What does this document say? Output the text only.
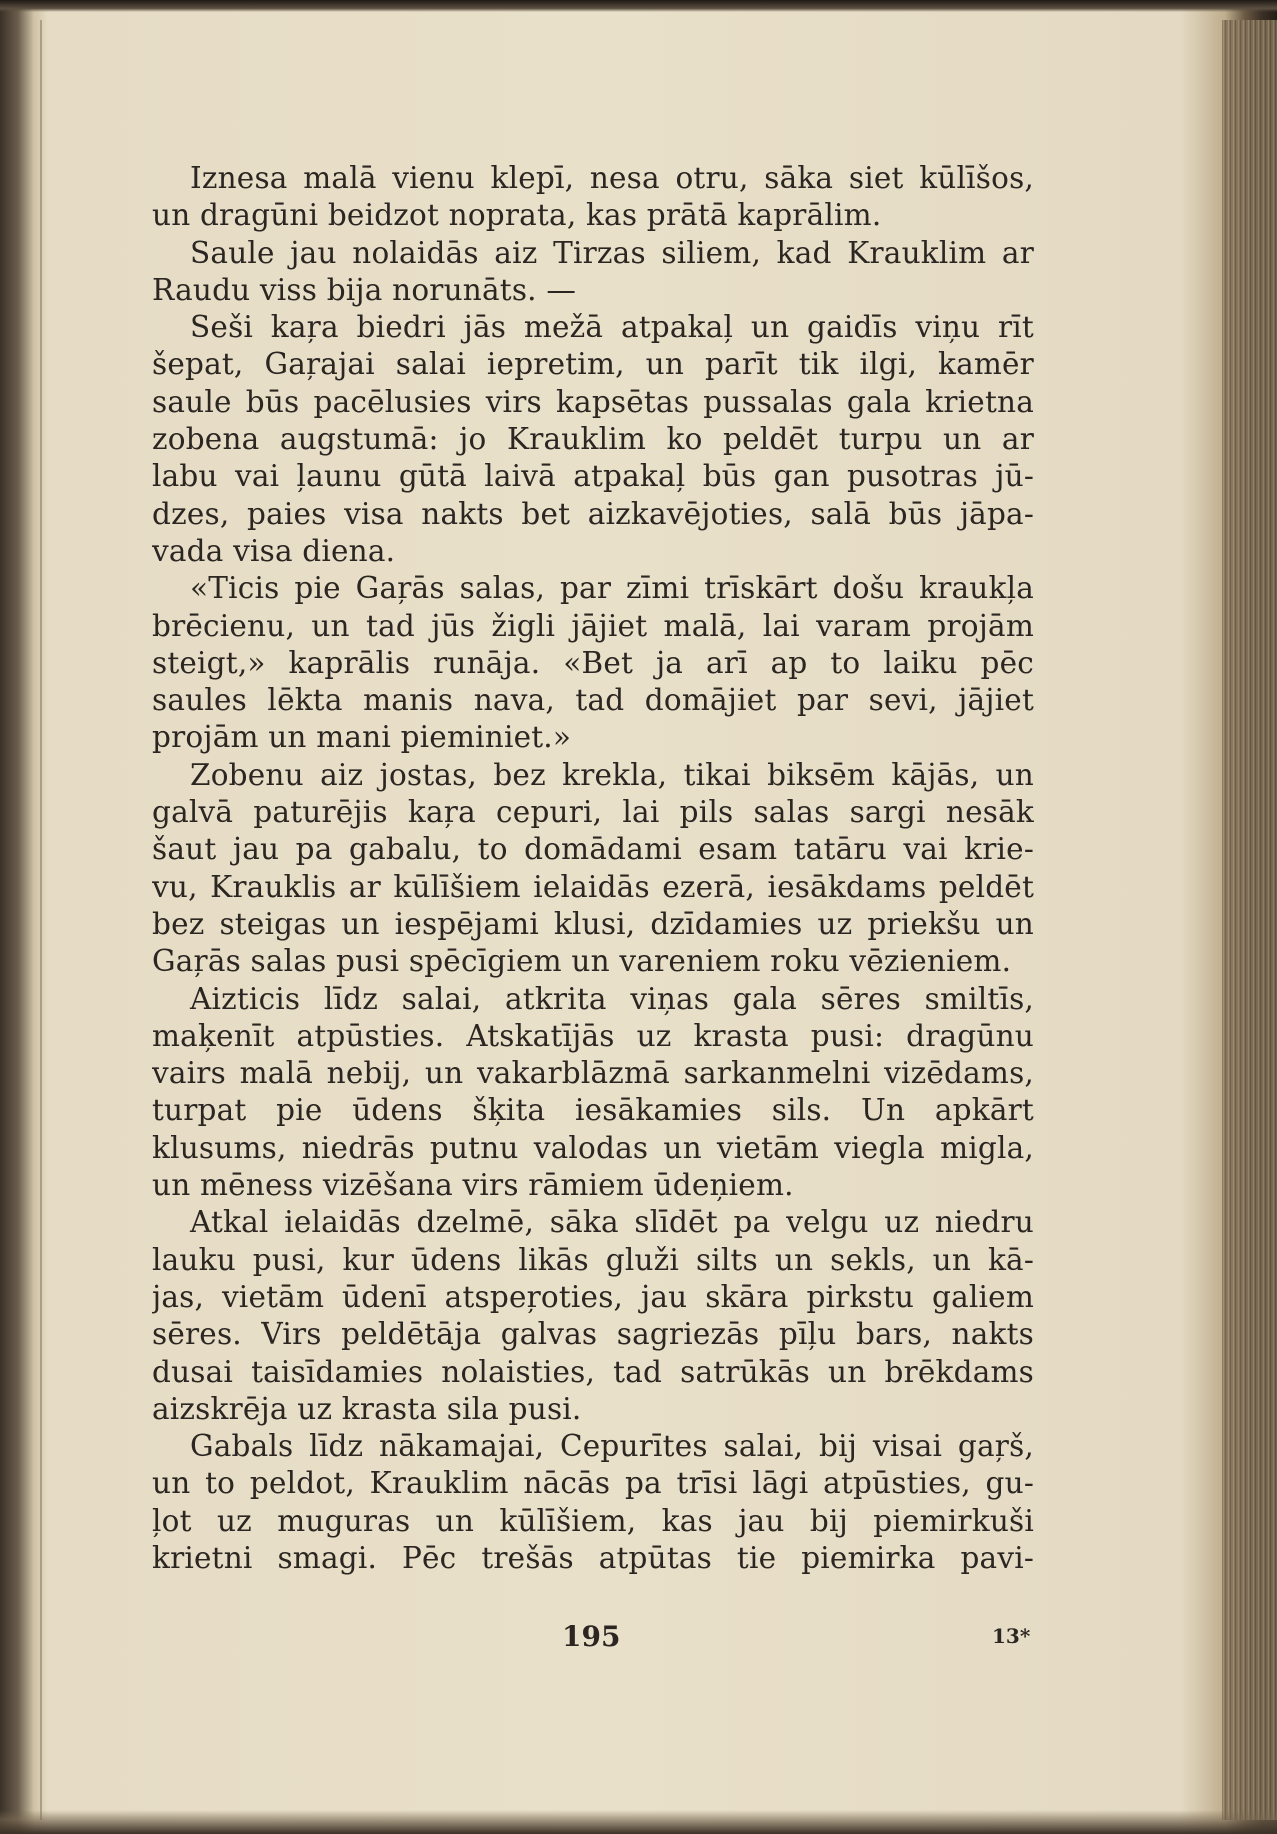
Iznesa malā vienu klepī, nesa otru, sāka siet kūlīšos,
un dragūni beidzot noprata, kas prātā kaprālim.
Saule jau nolaidās aiz Tirzas siliem, kad Krauklim ar
Raudu viss bija norunāts. —
Seši kaŗa biedri jās mežā atpakaļ un gaidīs viņu rīt
šepat, Gaŗajai salai iepretim, un parīt tik ilgi, kamēr
saule būs pacēlusies virs kapsētas pussalas gala krietna
zobena augstumā: jo Krauklim ko peldēt turpu un ar
labu vai ļaunu gūtā laivā atpakaļ būs gan pusotras jū-
dzes, paies visa nakts bet aizkavējoties, salā būs jāpa-
vada visa diena.
«Ticis pie Gaŗās salas, par zīmi trīskārt došu kraukļa
brēcienu, un tad jūs žigli jājiet malā, lai varam projām
steigt,» kaprālis runāja. «Bet ja arī ap to laiku pēc
saules lēkta manis nava, tad domājiet par sevi, jājiet
projām un mani pieminiet.»
Zobenu aiz jostas, bez krekla, tikai biksēm kājās, un
galvā paturējis kaŗa cepuri, lai pils salas sargi nesāk
šaut jau pa gabalu, to domādami esam tatāru vai krie-
vu, Krauklis ar kūlīšiem ielaidās ezerā, iesākdams peldēt
bez steigas un iespējami klusi, dzīdamies uz priekšu un
Gaŗās salas pusi spēcīgiem un vareniem roku vēzieniem.
Aizticis līdz salai, atkrita viņas gala sēres smiltīs,
maķenīt atpūsties. Atskatījās uz krasta pusi: dragūnu
vairs malā nebij, un vakarblāzmā sarkanmelni vizēdams,
turpat pie ūdens šķita iesākamies sils. Un apkārt
klusums, niedrās putnu valodas un vietām viegla migla,
un mēness vizēšana virs rāmiem ūdeņiem.
Atkal ielaidās dzelmē, sāka slīdēt pa velgu uz niedru
lauku pusi, kur ūdens likās gluži silts un sekls, un kā-
jas, vietām ūdenī atspeŗoties, jau skāra pirkstu galiem
sēres. Virs peldētāja galvas sagriezās pīļu bars, nakts
dusai taisīdamies nolaisties, tad satrūkās un brēkdams
aizskrēja uz krasta sila pusi.
Gabals līdz nākamajai, Cepurītes salai, bij visai gaŗš,
un to peldot, Krauklim nācās pa trīsi lāgi atpūsties, gu-
ļot uz muguras un kūlīšiem, kas jau bij piemirkuši
krietni smagi. Pēc trešās atpūtas tie piemirka pavi-
195	13*
